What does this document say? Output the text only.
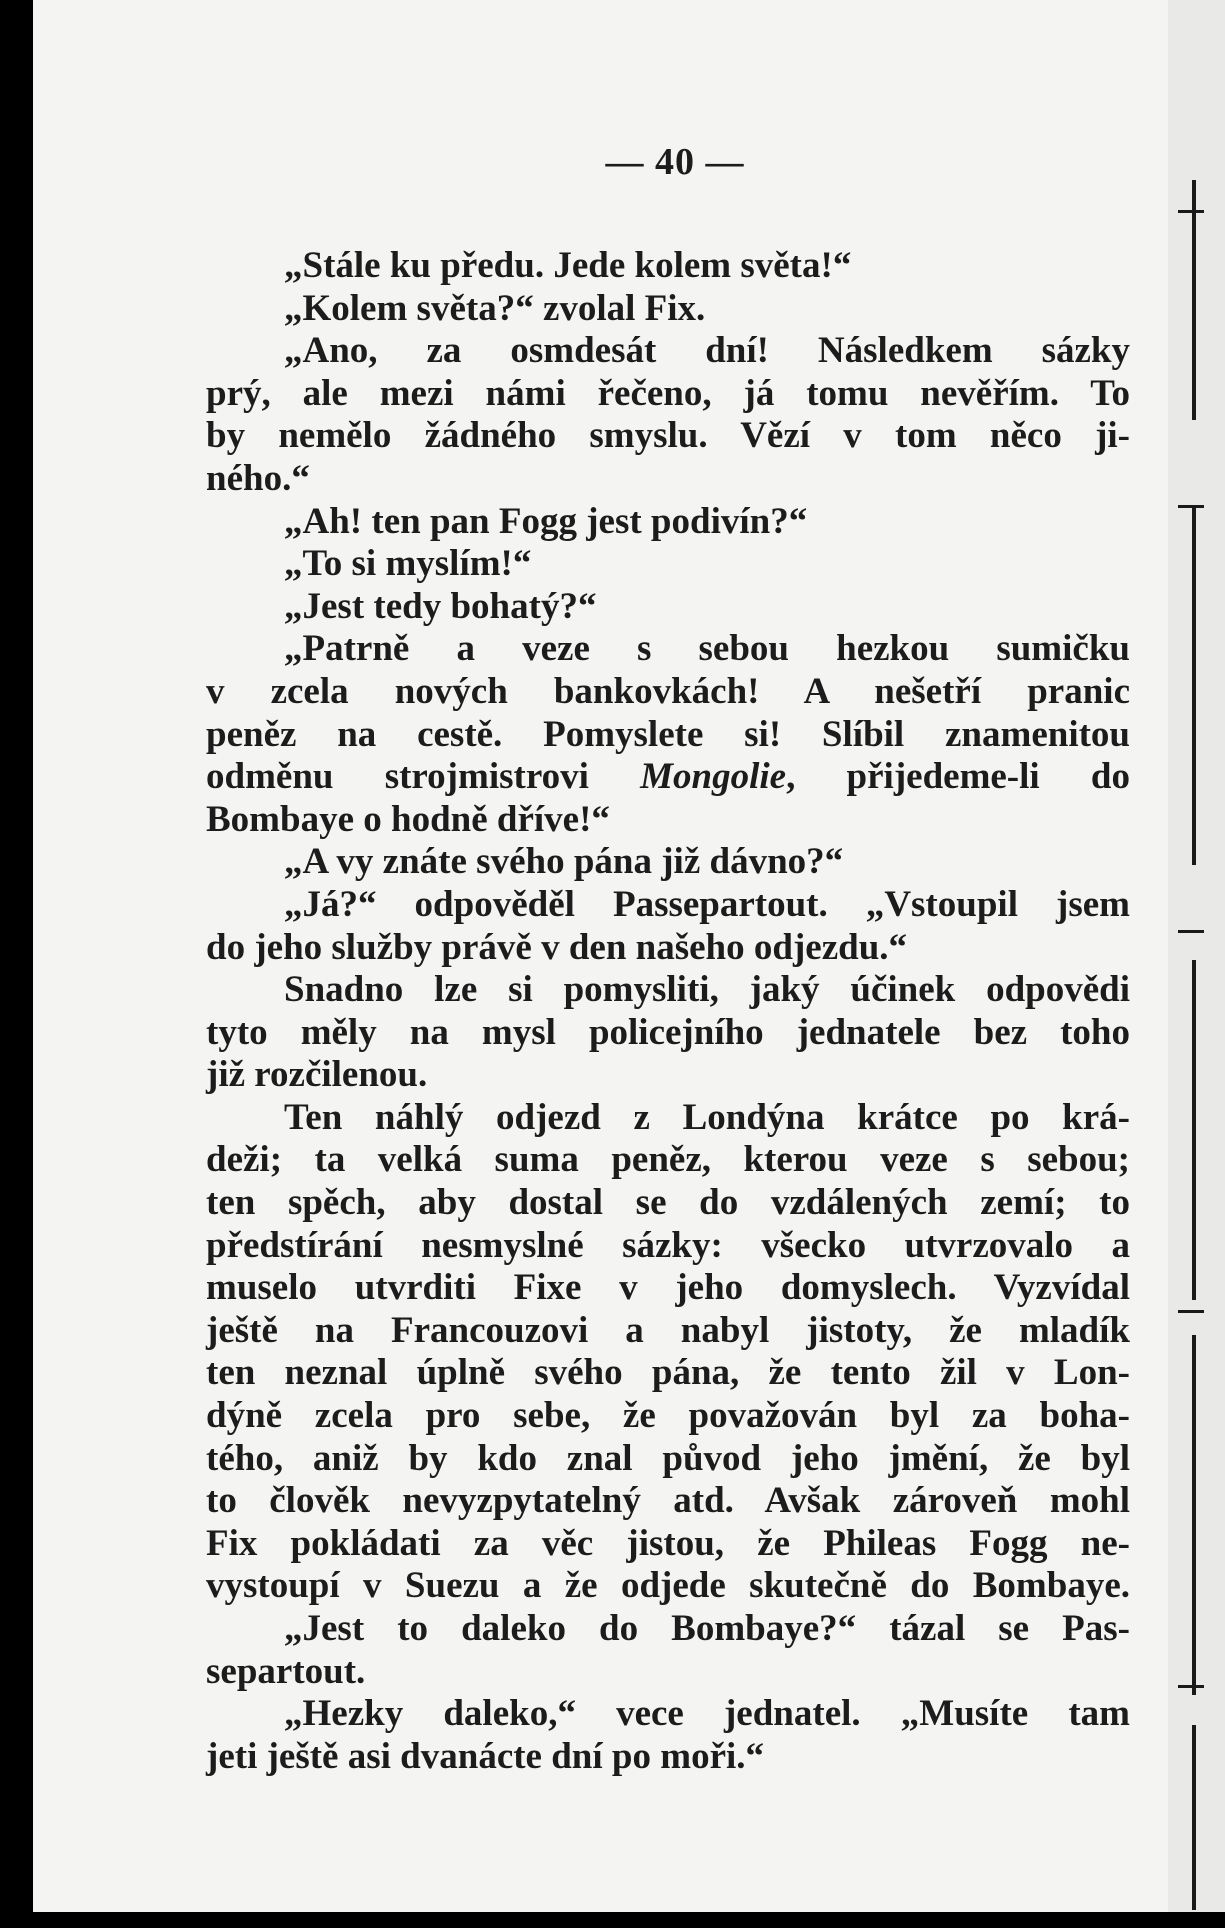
— 40 —
„Stále ku předu. Jede kolem světa!“
„Kolem světa?“ zvolal Fix.
„Ano, za osmdesát dní! Následkem sázky
prý, ale mezi námi řečeno, já tomu nevěřím. To
by nemělo žádného smyslu. Vězí v tom něco ji-
ného.“
„Ah! ten pan Fogg jest podivín?“
„To si myslím!“
„Jest tedy bohatý?“
„Patrně a veze s sebou hezkou sumičku
v zcela nových bankovkách! A nešetří pranic
peněz na cestě. Pomyslete si! Slíbil znamenitou
odměnu strojmistrovi Mongolie, přijedeme-li do
Bombaye o hodně dříve!“
„A vy znáte svého pána již dávno?“
„Já?“ odpověděl Passepartout. „Vstoupil jsem
do jeho služby právě v den našeho odjezdu.“
Snadno lze si pomysliti, jaký účinek odpovědi
tyto měly na mysl policejního jednatele bez toho
již rozčilenou.
Ten náhlý odjezd z Londýna krátce po krá-
deži; ta velká suma peněz, kterou veze s sebou;
ten spěch, aby dostal se do vzdálených zemí; to
předstírání nesmyslné sázky: všecko utvrzovalo a
muselo utvrditi Fixe v jeho domyslech. Vyzvídal
ještě na Francouzovi a nabyl jistoty, že mladík
ten neznal úplně svého pána, že tento žil v Lon-
dýně zcela pro sebe, že považován byl za boha-
tého, aniž by kdo znal původ jeho jmění, že byl
to člověk nevyzpytatelný atd. Avšak zároveň mohl
Fix pokládati za věc jistou, že Phileas Fogg ne-
vystoupí v Suezu a že odjede skutečně do Bombaye.
„Jest to daleko do Bombaye?“ tázal se Pas-
separtout.
„Hezky daleko,“ vece jednatel. „Musíte tam
jeti ještě asi dvanácte dní po moři.“
